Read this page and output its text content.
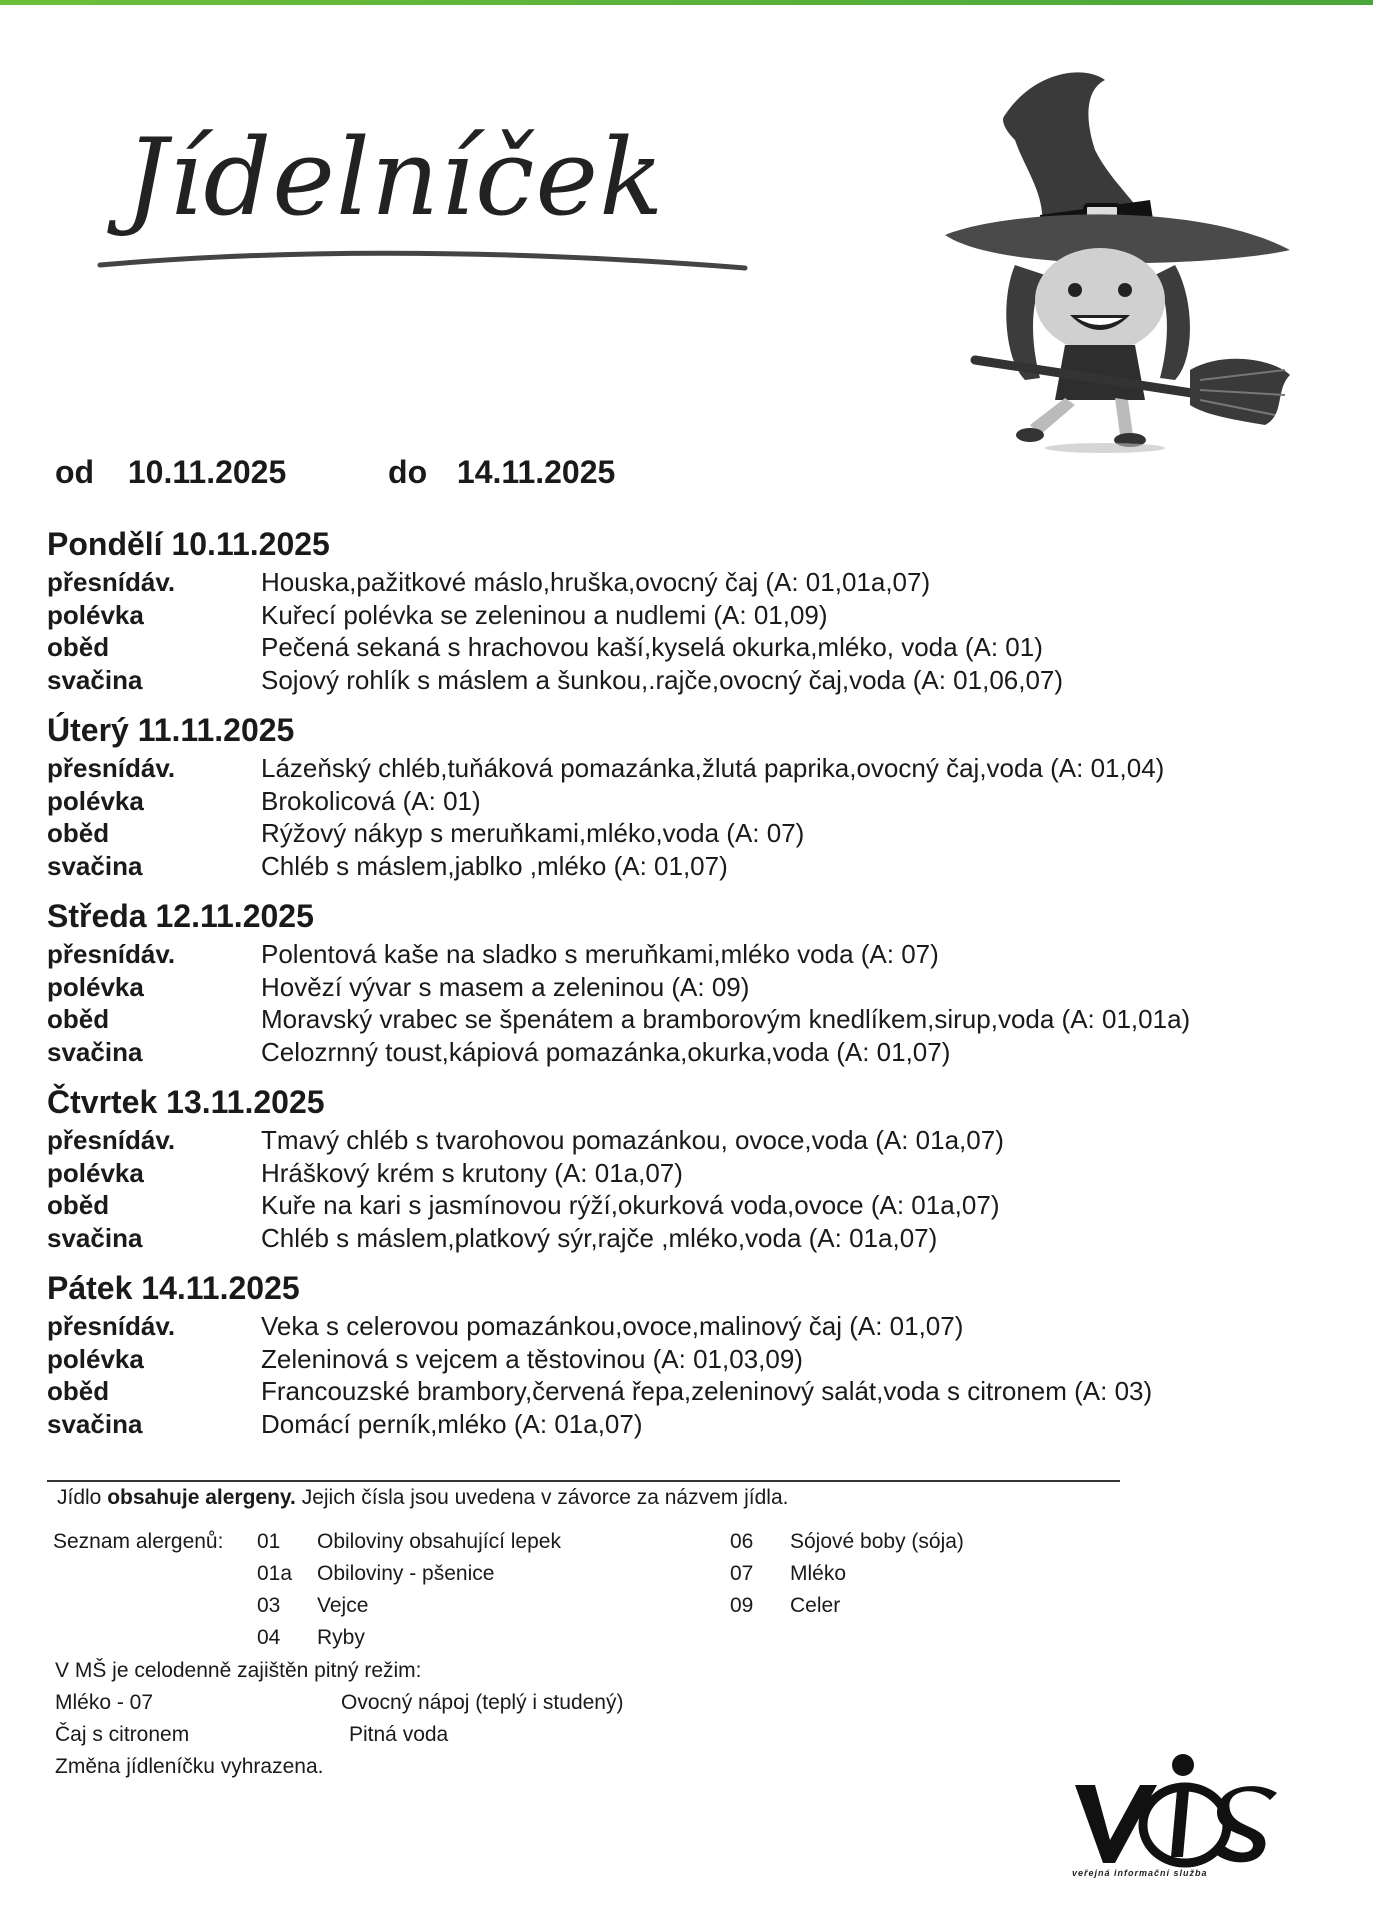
Jídelníček
od 10.11.2025	do 14.11.2025
Pondělí 10.11.2025
přesnídáv.	Houska,pažitkové máslo,hruška,ovocný čaj (A: 01,01a,07)
polévka	Kuřecí polévka se zeleninou a nudlemi (A: 01,09)
oběd	Pečená sekaná s hrachovou kaší,kyselá okurka,mléko, voda (A: 01)
svačina	Sojový rohlík s máslem a šunkou,.rajče,ovocný čaj,voda (A: 01,06,07)
Úterý 11.11.2025
přesnídáv.	Lázeňský chléb,tuňáková pomazánka,žlutá paprika,ovocný čaj,voda (A: 01,04)
polévka	Brokolicová (A: 01)
oběd	Rýžový nákyp s meruňkami,mléko,voda (A: 07)
svačina	Chléb s máslem,jablko ,mléko (A: 01,07)
Středa 12.11.2025
přesnídáv.	Polentová kaše na sladko s meruňkami,mléko voda (A: 07)
polévka	Hovězí vývar s masem a zeleninou (A: 09)
oběd	Moravský vrabec se špenátem a bramborovým knedlíkem,sirup,voda (A: 01,01a)
svačina	Celozrnný toust,kápiová pomazánka,okurka,voda (A: 01,07)
Čtvrtek 13.11.2025
přesnídáv.	Tmavý chléb s tvarohovou pomazánkou, ovoce,voda (A: 01a,07)
polévka	Hráškový krém s krutony (A: 01a,07)
oběd	Kuře na kari s jasmínovou rýží,okurková voda,ovoce (A: 01a,07)
svačina	Chléb s máslem,platkový sýr,rajče ,mléko,voda (A: 01a,07)
Pátek 14.11.2025
přesnídáv.	Veka s celerovou pomazánkou,ovoce,malinový čaj (A: 01,07)
polévka	Zeleninová s vejcem a těstovinou (A: 01,03,09)
oběd	Francouzské brambory,červená řepa,zeleninový salát,voda s citronem (A: 03)
svačina	Domácí perník,mléko (A: 01a,07)
Jídlo obsahuje alergeny. Jejich čísla jsou uvedena v závorce za názvem jídla.
Seznam alergenů: 01	Obiloviny obsahující lepek
01a	Obiloviny - pšenice
03	Vejce
04	Ryby
06	Sójové boby (sója)
07	Mléko
09	Celer
V MŠ je celodenně zajištěn pitný režim:
Mléko - 07	Ovocný nápoj (teplý i studený)
Čaj s citronem	Pitná voda
Změna jídleníčku vyhrazena.
veřejná informační služba
